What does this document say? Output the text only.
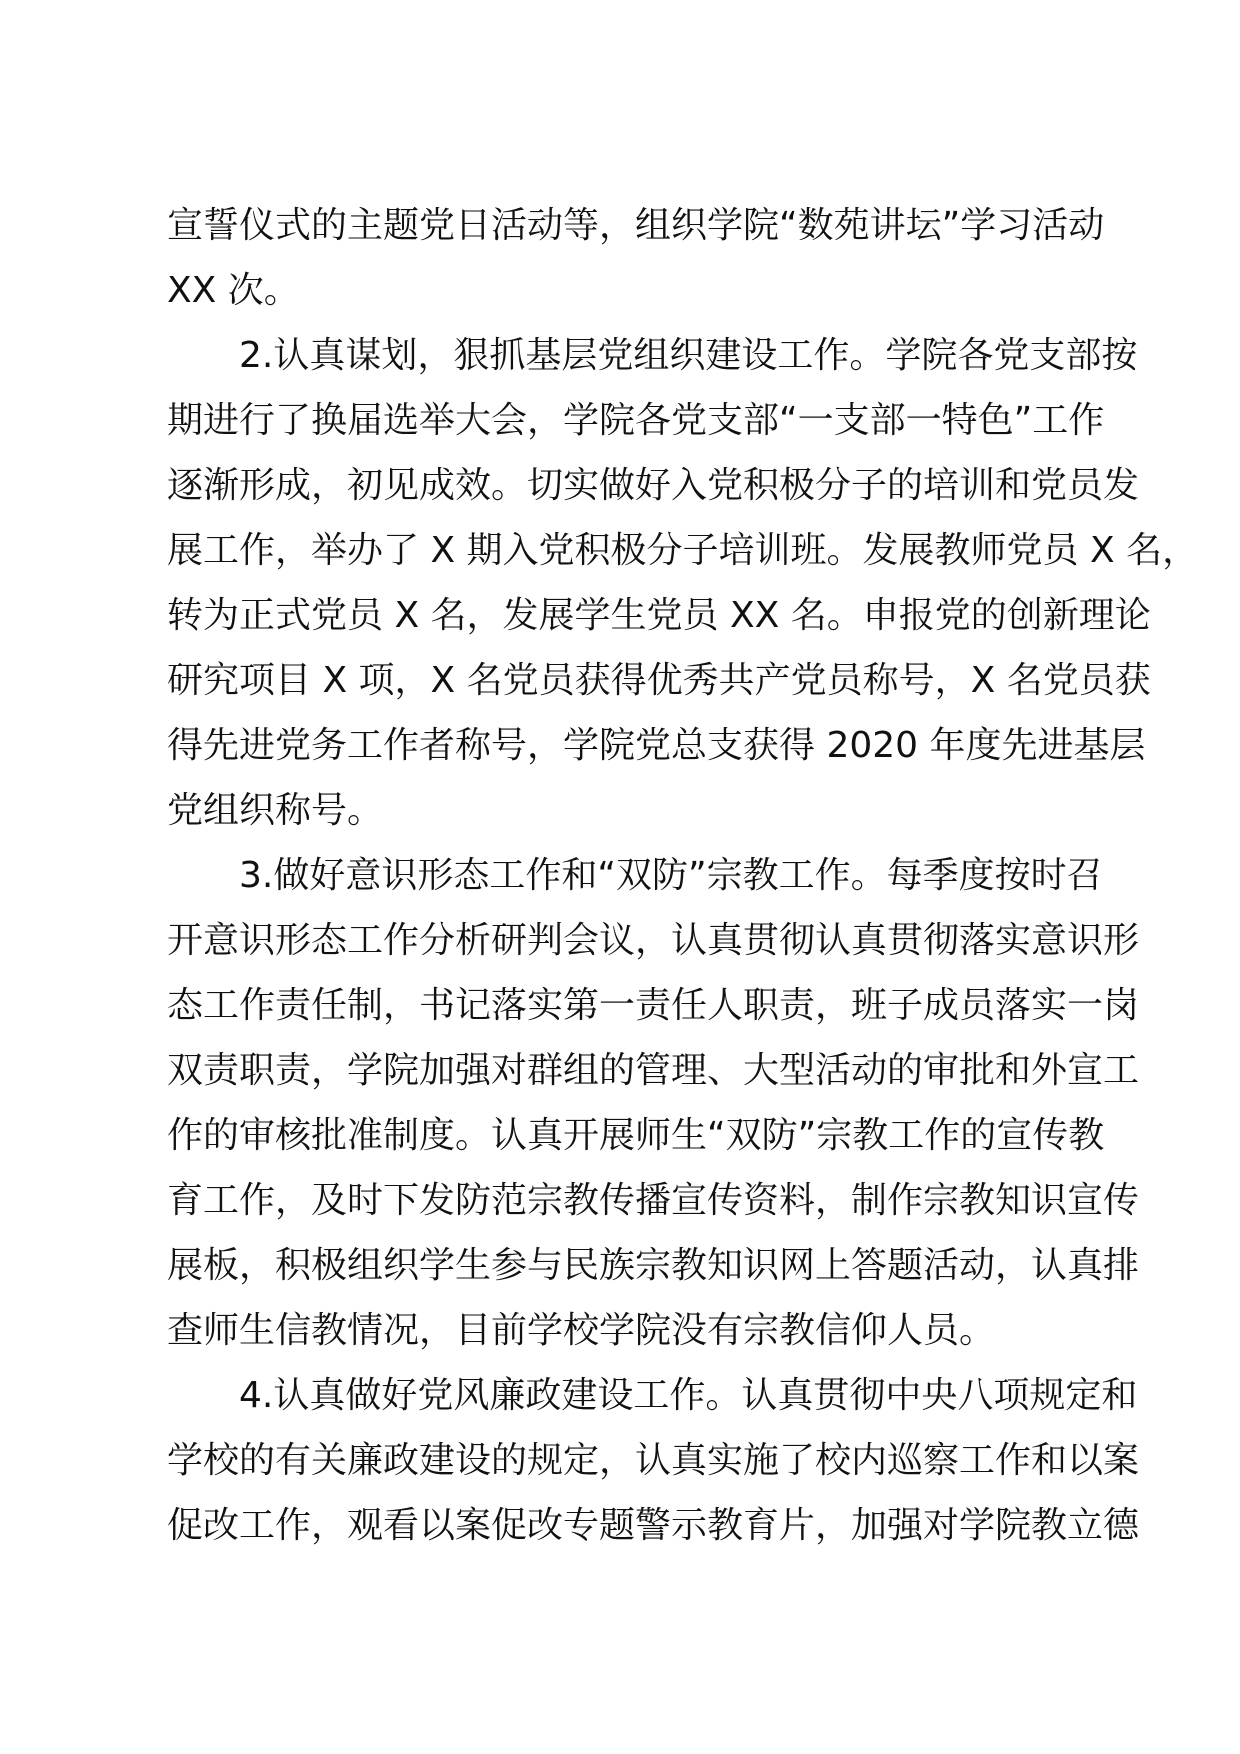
宣誓仪式的主题党日活动等，组织学院“数苑讲坛”学习活动
XX 次。
2.认真谋划，狠抓基层党组织建设工作。学院各党支部按
期进行了换届选举大会，学院各党支部“一支部一特色”工作
逐渐形成，初见成效。切实做好入党积极分子的培训和党员发
展工作，举办了 X 期入党积极分子培训班。发展教师党员 X 名，
转为正式党员 X 名，发展学生党员 XX 名。申报党的创新理论
研究项目 X 项，X 名党员获得优秀共产党员称号，X 名党员获
得先进党务工作者称号，学院党总支获得 2020 年度先进基层
党组织称号。
3.做好意识形态工作和“双防”宗教工作。每季度按时召
开意识形态工作分析研判会议，认真贯彻认真贯彻落实意识形
态工作责任制，书记落实第一责任人职责，班子成员落实一岗
双责职责，学院加强对群组的管理、大型活动的审批和外宣工
作的审核批准制度。认真开展师生“双防”宗教工作的宣传教
育工作，及时下发防范宗教传播宣传资料，制作宗教知识宣传
展板，积极组织学生参与民族宗教知识网上答题活动，认真排
查师生信教情况，目前学校学院没有宗教信仰人员。
4.认真做好党风廉政建设工作。认真贯彻中央八项规定和
学校的有关廉政建设的规定，认真实施了校内巡察工作和以案
促改工作，观看以案促改专题警示教育片，加强对学院教立德
